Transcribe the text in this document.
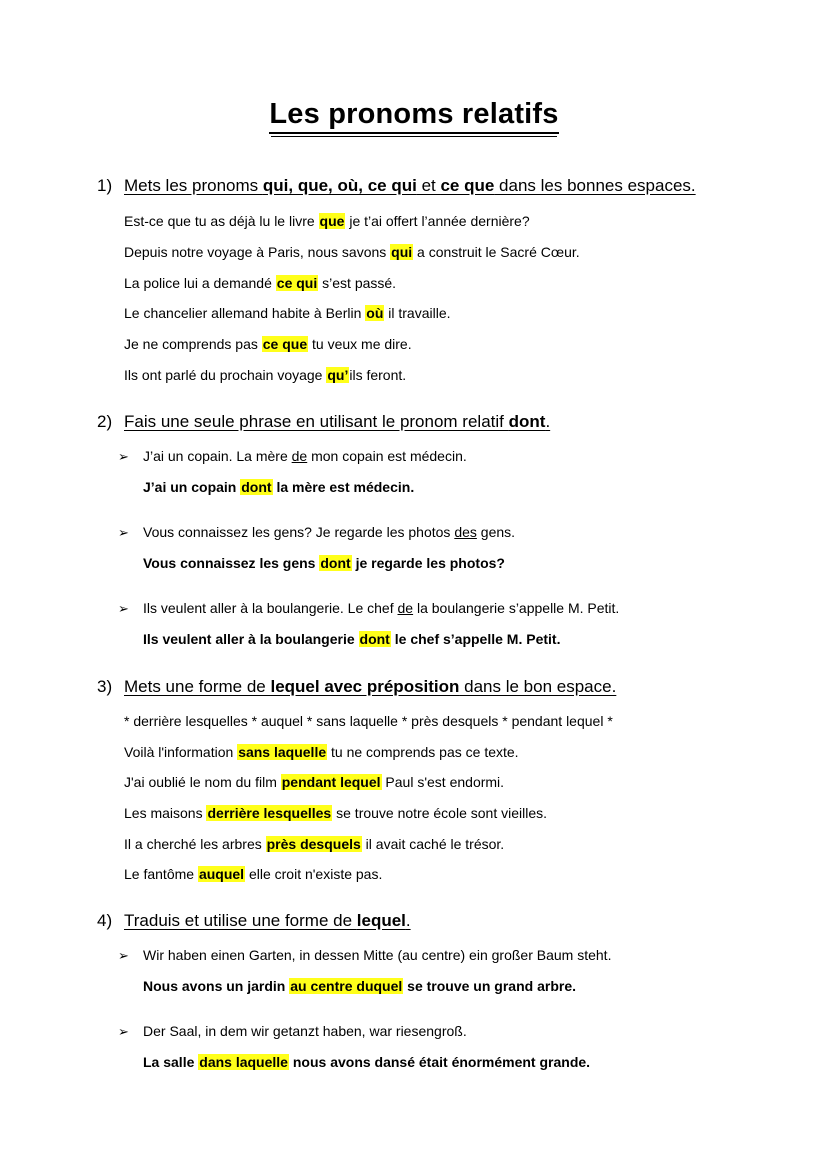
Les pronoms relatifs
1) Mets les pronoms qui, que, où, ce qui et ce que dans les bonnes espaces.
Est-ce que tu as déjà lu le livre que je t’ai offert l’année dernière?
Depuis notre voyage à Paris, nous savons qui a construit le Sacré Cœur.
La police lui a demandé ce qui s’est passé.
Le chancelier allemand habite à Berlin où il travaille.
Je ne comprends pas ce que tu veux me dire.
Ils ont parlé du prochain voyage qu’ils feront.
2) Fais une seule phrase en utilisant le pronom relatif dont.
➢ J’ai un copain. La mère de mon copain est médecin.
J’ai un copain dont la mère est médecin.
➢ Vous connaissez les gens? Je regarde les photos des gens.
Vous connaissez les gens dont je regarde les photos?
➢ Ils veulent aller à la boulangerie. Le chef de la boulangerie s’appelle M. Petit.
Ils veulent aller à la boulangerie dont le chef s’appelle M. Petit.
3) Mets une forme de lequel avec préposition dans le bon espace.
* derrière lesquelles * auquel * sans laquelle * près desquels * pendant lequel *
Voilà l'information sans laquelle tu ne comprends pas ce texte.
J'ai oublié le nom du film pendant lequel Paul s'est endormi.
Les maisons derrière lesquelles se trouve notre école sont vieilles.
Il a cherché les arbres près desquels il avait caché le trésor.
Le fantôme auquel elle croit n'existe pas.
4) Traduis et utilise une forme de lequel.
➢ Wir haben einen Garten, in dessen Mitte (au centre) ein großer Baum steht.
Nous avons un jardin au centre duquel se trouve un grand arbre.
➢ Der Saal, in dem wir getanzt haben, war riesengroß.
La salle dans laquelle nous avons dansé était énormément grande.
